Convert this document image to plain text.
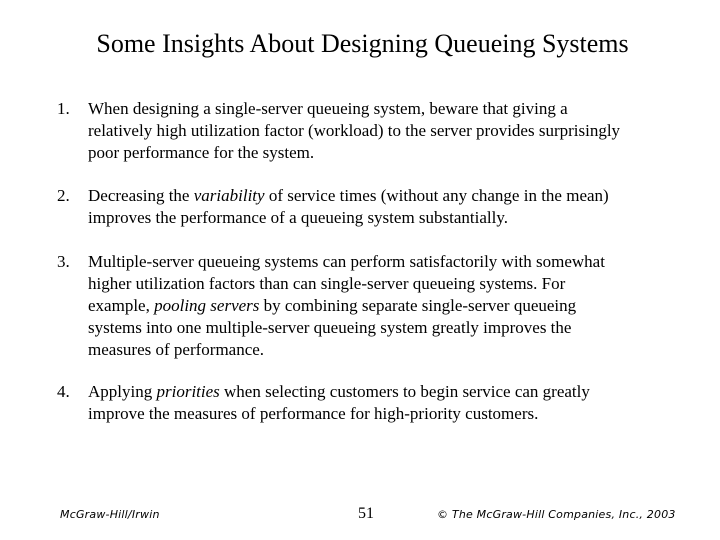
Some Insights About Designing Queueing Systems
1. When designing a single-server queueing system, beware that giving a
relatively high utilization factor (workload) to the server provides surprisingly
poor performance for the system.
2. Decreasing the variability of service times (without any change in the mean)
improves the performance of a queueing system substantially.
3. Multiple-server queueing systems can perform satisfactorily with somewhat
higher utilization factors than can single-server queueing systems. For
example, pooling servers by combining separate single-server queueing
systems into one multiple-server queueing system greatly improves the
measures of performance.
4. Applying priorities when selecting customers to begin service can greatly
improve the measures of performance for high-priority customers.
McGraw-Hill/Irwin	51	© The McGraw-Hill Companies, Inc., 2003
